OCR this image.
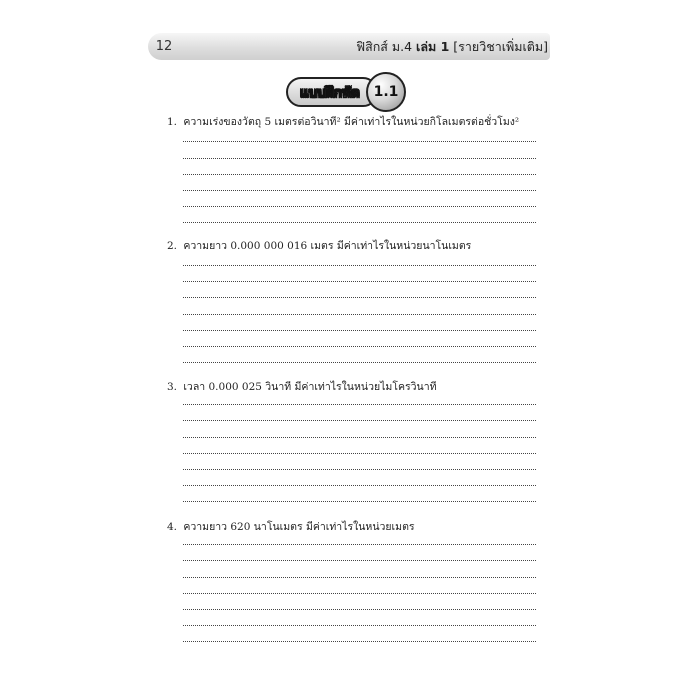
12	ฟิสิกส์ ม.4 เล่ม 1 [รายวิชาเพิ่มเติม]
แบบฝึกหัด 1.1
1. ความเร่งของวัตถุ 5 เมตรต่อวินาที² มีค่าเท่าไรในหน่วยกิโลเมตรต่อชั่วโมง²
2. ความยาว 0.000 000 016 เมตร มีค่าเท่าไรในหน่วยนาโนเมตร
3. เวลา 0.000 025 วินาที มีค่าเท่าไรในหน่วยไมโครวินาที
4. ความยาว 620 นาโนเมตร มีค่าเท่าไรในหน่วยเมตร
